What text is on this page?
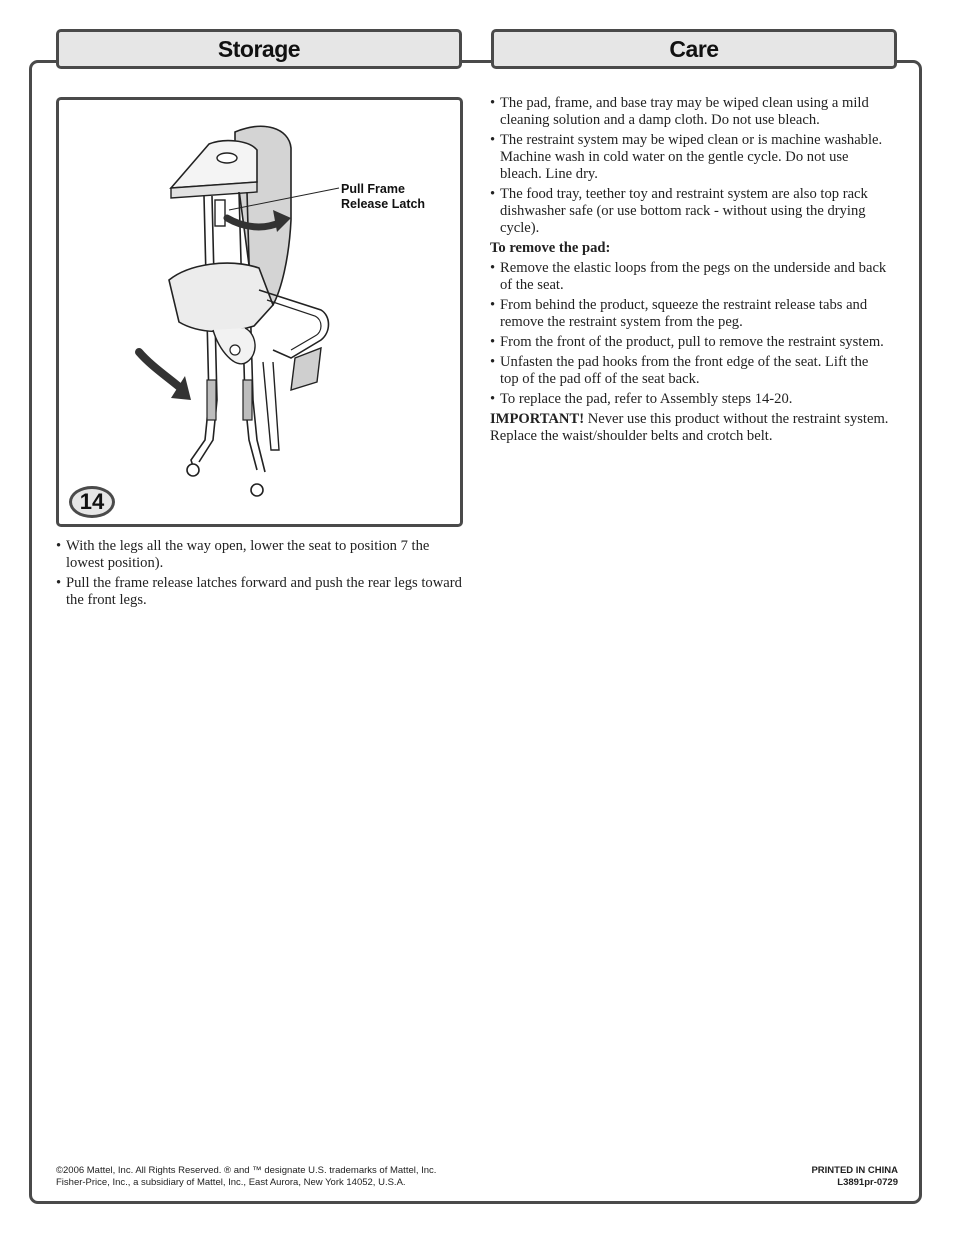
Storage	Care
Pull Frame
Release Latch
14
• With the legs all the way open, lower the seat to position 7 the lowest position).
• Pull the frame release latches forward and push the rear legs toward the front legs.
• The pad, frame, and base tray may be wiped clean using a mild cleaning solution and a damp cloth. Do not use bleach.
• The restraint system may be wiped clean or is machine washable. Machine wash in cold water on the gentle cycle. Do not use bleach. Line dry.
• The food tray, teether toy and restraint system are also top rack dishwasher safe (or use bottom rack - without using the drying cycle).

To remove the pad:

• Remove the elastic loops from the pegs on the underside and back of the seat.
• From behind the product, squeeze the restraint release tabs and remove the restraint system from the peg.
• From the front of the product, pull to remove the restraint system.
• Unfasten the pad hooks from the front edge of the seat. Lift the top of the pad off of the seat back.
• To replace the pad, refer to Assembly steps 14-20.

IMPORTANT! Never use this product without the restraint system. Replace the waist/shoulder belts and crotch belt.

©2006 Mattel, Inc. All Rights Reserved. ® and ™ designate U.S. trademarks of Mattel, Inc.
Fisher-Price, Inc., a subsidiary of Mattel, Inc., East Aurora, New York 14052, U.S.A.
PRINTED IN CHINA
L3891pr-0729
